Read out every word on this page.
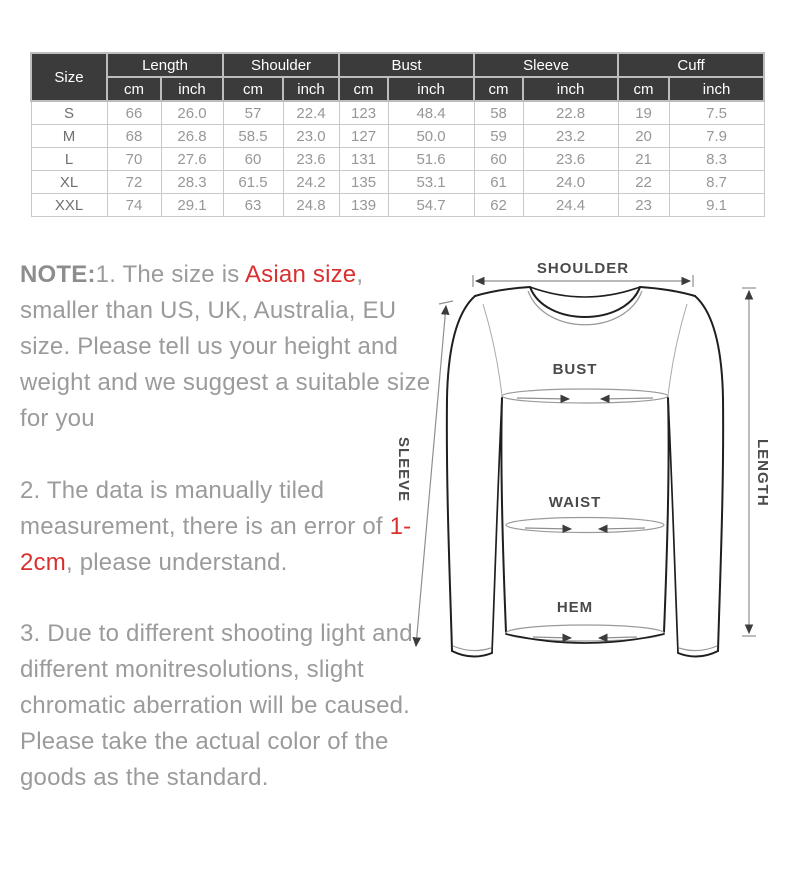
Size	Length		Shoulder		Bust		Sleeve		Cuff	
	cm	inch	cm	inch	cm	inch	cm	inch	cm	inch
S	66	26.0	57	22.4	123	48.4	58	22.8	19	7.5
M	68	26.8	58.5	23.0	127	50.0	59	23.2	20	7.9
L	70	27.6	60	23.6	131	51.6	60	23.6	21	8.3
XL	72	28.3	61.5	24.2	135	53.1	61	24.0	22	8.7
XXL	74	29.1	63	24.8	139	54.7	62	24.4	23	9.1

NOTE:1. The size is Asian size, smaller than US, UK, Australia, EU size. Please tell us your height and weight and we suggest a suitable size for you

2. The data is manually tiled measurement, there is an error of 1-2cm, please understand.

3. Due to different shooting light and different monitresolutions, slight chromatic aberration will be caused. Please take the actual color of the goods as the standard.

SHOULDER
BUST
WAIST
HEM
SLEEVE	LENGTH
